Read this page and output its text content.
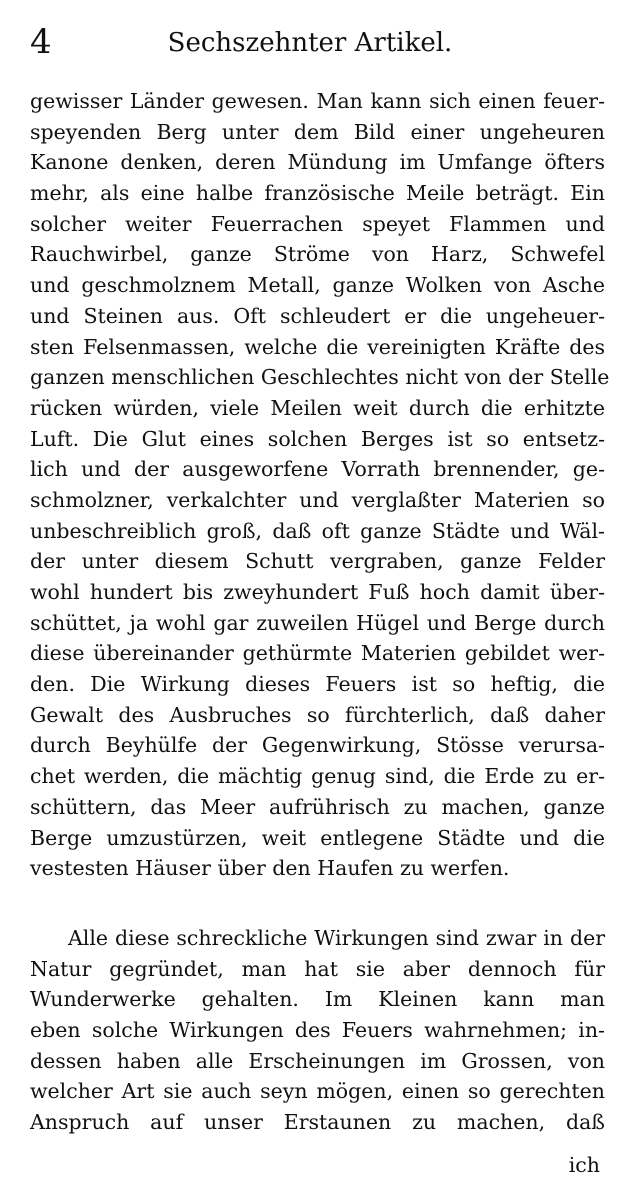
4	Sechszehnter Artikel.
gewisser Länder gewesen. Man kann sich einen feuer-
speyenden Berg unter dem Bild einer ungeheuren
Kanone denken, deren Mündung im Umfange öfters
mehr, als eine halbe französische Meile beträgt. Ein
solcher weiter Feuerrachen speyet Flammen und
Rauchwirbel, ganze Ströme von Harz, Schwefel
und geschmolznem Metall, ganze Wolken von Asche
und Steinen aus. Oft schleudert er die ungeheuer-
sten Felsenmassen, welche die vereinigten Kräfte des
ganzen menschlichen Geschlechtes nicht von der Stelle
rücken würden, viele Meilen weit durch die erhitzte
Luft. Die Glut eines solchen Berges ist so entsetz-
lich und der ausgeworfene Vorrath brennender, ge-
schmolzner, verkalchter und verglaßter Materien so
unbeschreiblich groß, daß oft ganze Städte und Wäl-
der unter diesem Schutt vergraben, ganze Felder
wohl hundert bis zweyhundert Fuß hoch damit über-
schüttet, ja wohl gar zuweilen Hügel und Berge durch
diese übereinander gethürmte Materien gebildet wer-
den. Die Wirkung dieses Feuers ist so heftig, die
Gewalt des Ausbruches so fürchterlich, daß daher
durch Beyhülfe der Gegenwirkung, Stösse verursa-
chet werden, die mächtig genug sind, die Erde zu er-
schüttern, das Meer aufrührisch zu machen, ganze
Berge umzustürzen, weit entlegene Städte und die
vestesten Häuser über den Haufen zu werfen.
Alle diese schreckliche Wirkungen sind zwar in der
Natur gegründet, man hat sie aber dennoch für
Wunderwerke gehalten. Im Kleinen kann man
eben solche Wirkungen des Feuers wahrnehmen; in-
dessen haben alle Erscheinungen im Grossen, von
welcher Art sie auch seyn mögen, einen so gerechten
Anspruch auf unser Erstaunen zu machen, daß
ich
